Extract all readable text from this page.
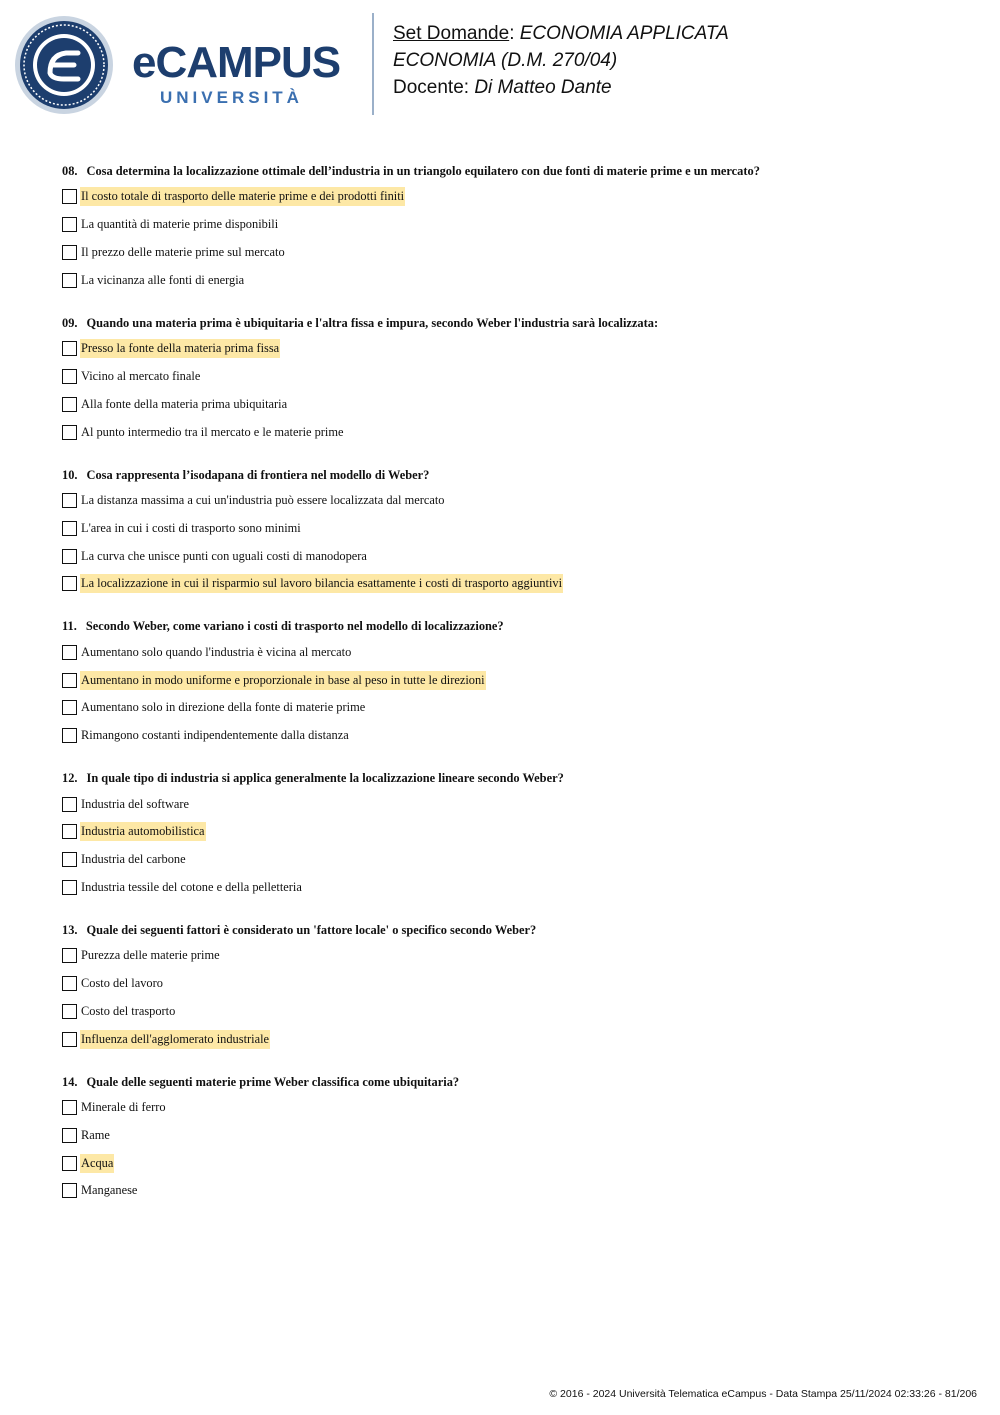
eCAMPUS
UNIVERSITÀ
Set Domande: ECONOMIA APPLICATA
ECONOMIA (D.M. 270/04)
Docente: Di Matteo Dante
08. Cosa determina la localizzazione ottimale dell’industria in un triangolo equilatero con due fonti di materie prime e un mercato?
Il costo totale di trasporto delle materie prime e dei prodotti finiti
La quantità di materie prime disponibili
Il prezzo delle materie prime sul mercato
La vicinanza alle fonti di energia
09. Quando una materia prima è ubiquitaria e l'altra fissa e impura, secondo Weber l'industria sarà localizzata:
Presso la fonte della materia prima fissa
Vicino al mercato finale
Alla fonte della materia prima ubiquitaria
Al punto intermedio tra il mercato e le materie prime
10. Cosa rappresenta l’isodapana di frontiera nel modello di Weber?
La distanza massima a cui un'industria può essere localizzata dal mercato
L'area in cui i costi di trasporto sono minimi
La curva che unisce punti con uguali costi di manodopera
La localizzazione in cui il risparmio sul lavoro bilancia esattamente i costi di trasporto aggiuntivi
11. Secondo Weber, come variano i costi di trasporto nel modello di localizzazione?
Aumentano solo quando l'industria è vicina al mercato
Aumentano in modo uniforme e proporzionale in base al peso in tutte le direzioni
Aumentano solo in direzione della fonte di materie prime
Rimangono costanti indipendentemente dalla distanza
12. In quale tipo di industria si applica generalmente la localizzazione lineare secondo Weber?
Industria del software
Industria automobilistica
Industria del carbone
Industria tessile del cotone e della pelletteria
13. Quale dei seguenti fattori è considerato un 'fattore locale' o specifico secondo Weber?
Purezza delle materie prime
Costo del lavoro
Costo del trasporto
Influenza dell'agglomerato industriale
14. Quale delle seguenti materie prime Weber classifica come ubiquitaria?
Minerale di ferro
Rame
Acqua
Manganese
© 2016 - 2024 Università Telematica eCampus - Data Stampa 25/11/2024 02:33:26 - 81/206
